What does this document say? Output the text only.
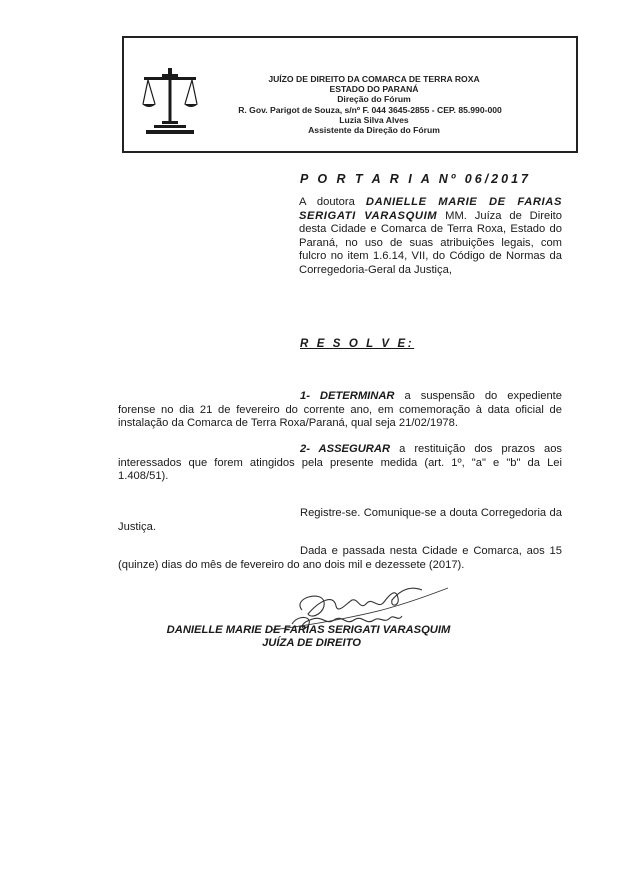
JUÍZO DE DIREITO DA COMARCA DE TERRA ROXA
ESTADO DO PARANÁ
Direção do Fórum
R. Gov. Parigot de Souza, s/nº F. 044 3645-2855 - CEP. 85.990-000
Luzia Silva Alves
Assistente da Direção do Fórum
P O R T A R I A Nº 06/2017
A doutora DANIELLE MARIE DE FARIAS SERIGATI VARASQUIM MM. Juíza de Direito desta Cidade e Comarca de Terra Roxa, Estado do Paraná, no uso de suas atribuições legais, com fulcro no item 1.6.14, VII, do Código de Normas da Corregedoria-Geral da Justiça,
R E S O L V E:
1- DETERMINAR a suspensão do expediente forense no dia 21 de fevereiro do corrente ano, em comemoração à data oficial de instalação da Comarca de Terra Roxa/Paraná, qual seja 21/02/1978.
2- ASSEGURAR a restituição dos prazos aos interessados que forem atingidos pela presente medida (art. 1º, "a" e "b" da Lei 1.408/51).
Registre-se. Comunique-se a douta Corregedoria da Justiça.
Dada e passada nesta Cidade e Comarca, aos 15 (quinze) dias do mês de fevereiro do ano dois mil e dezessete (2017).
DANIELLE MARIE DE FARIAS SERIGATI VARASQUIM
JUÍZA DE DIREITO
